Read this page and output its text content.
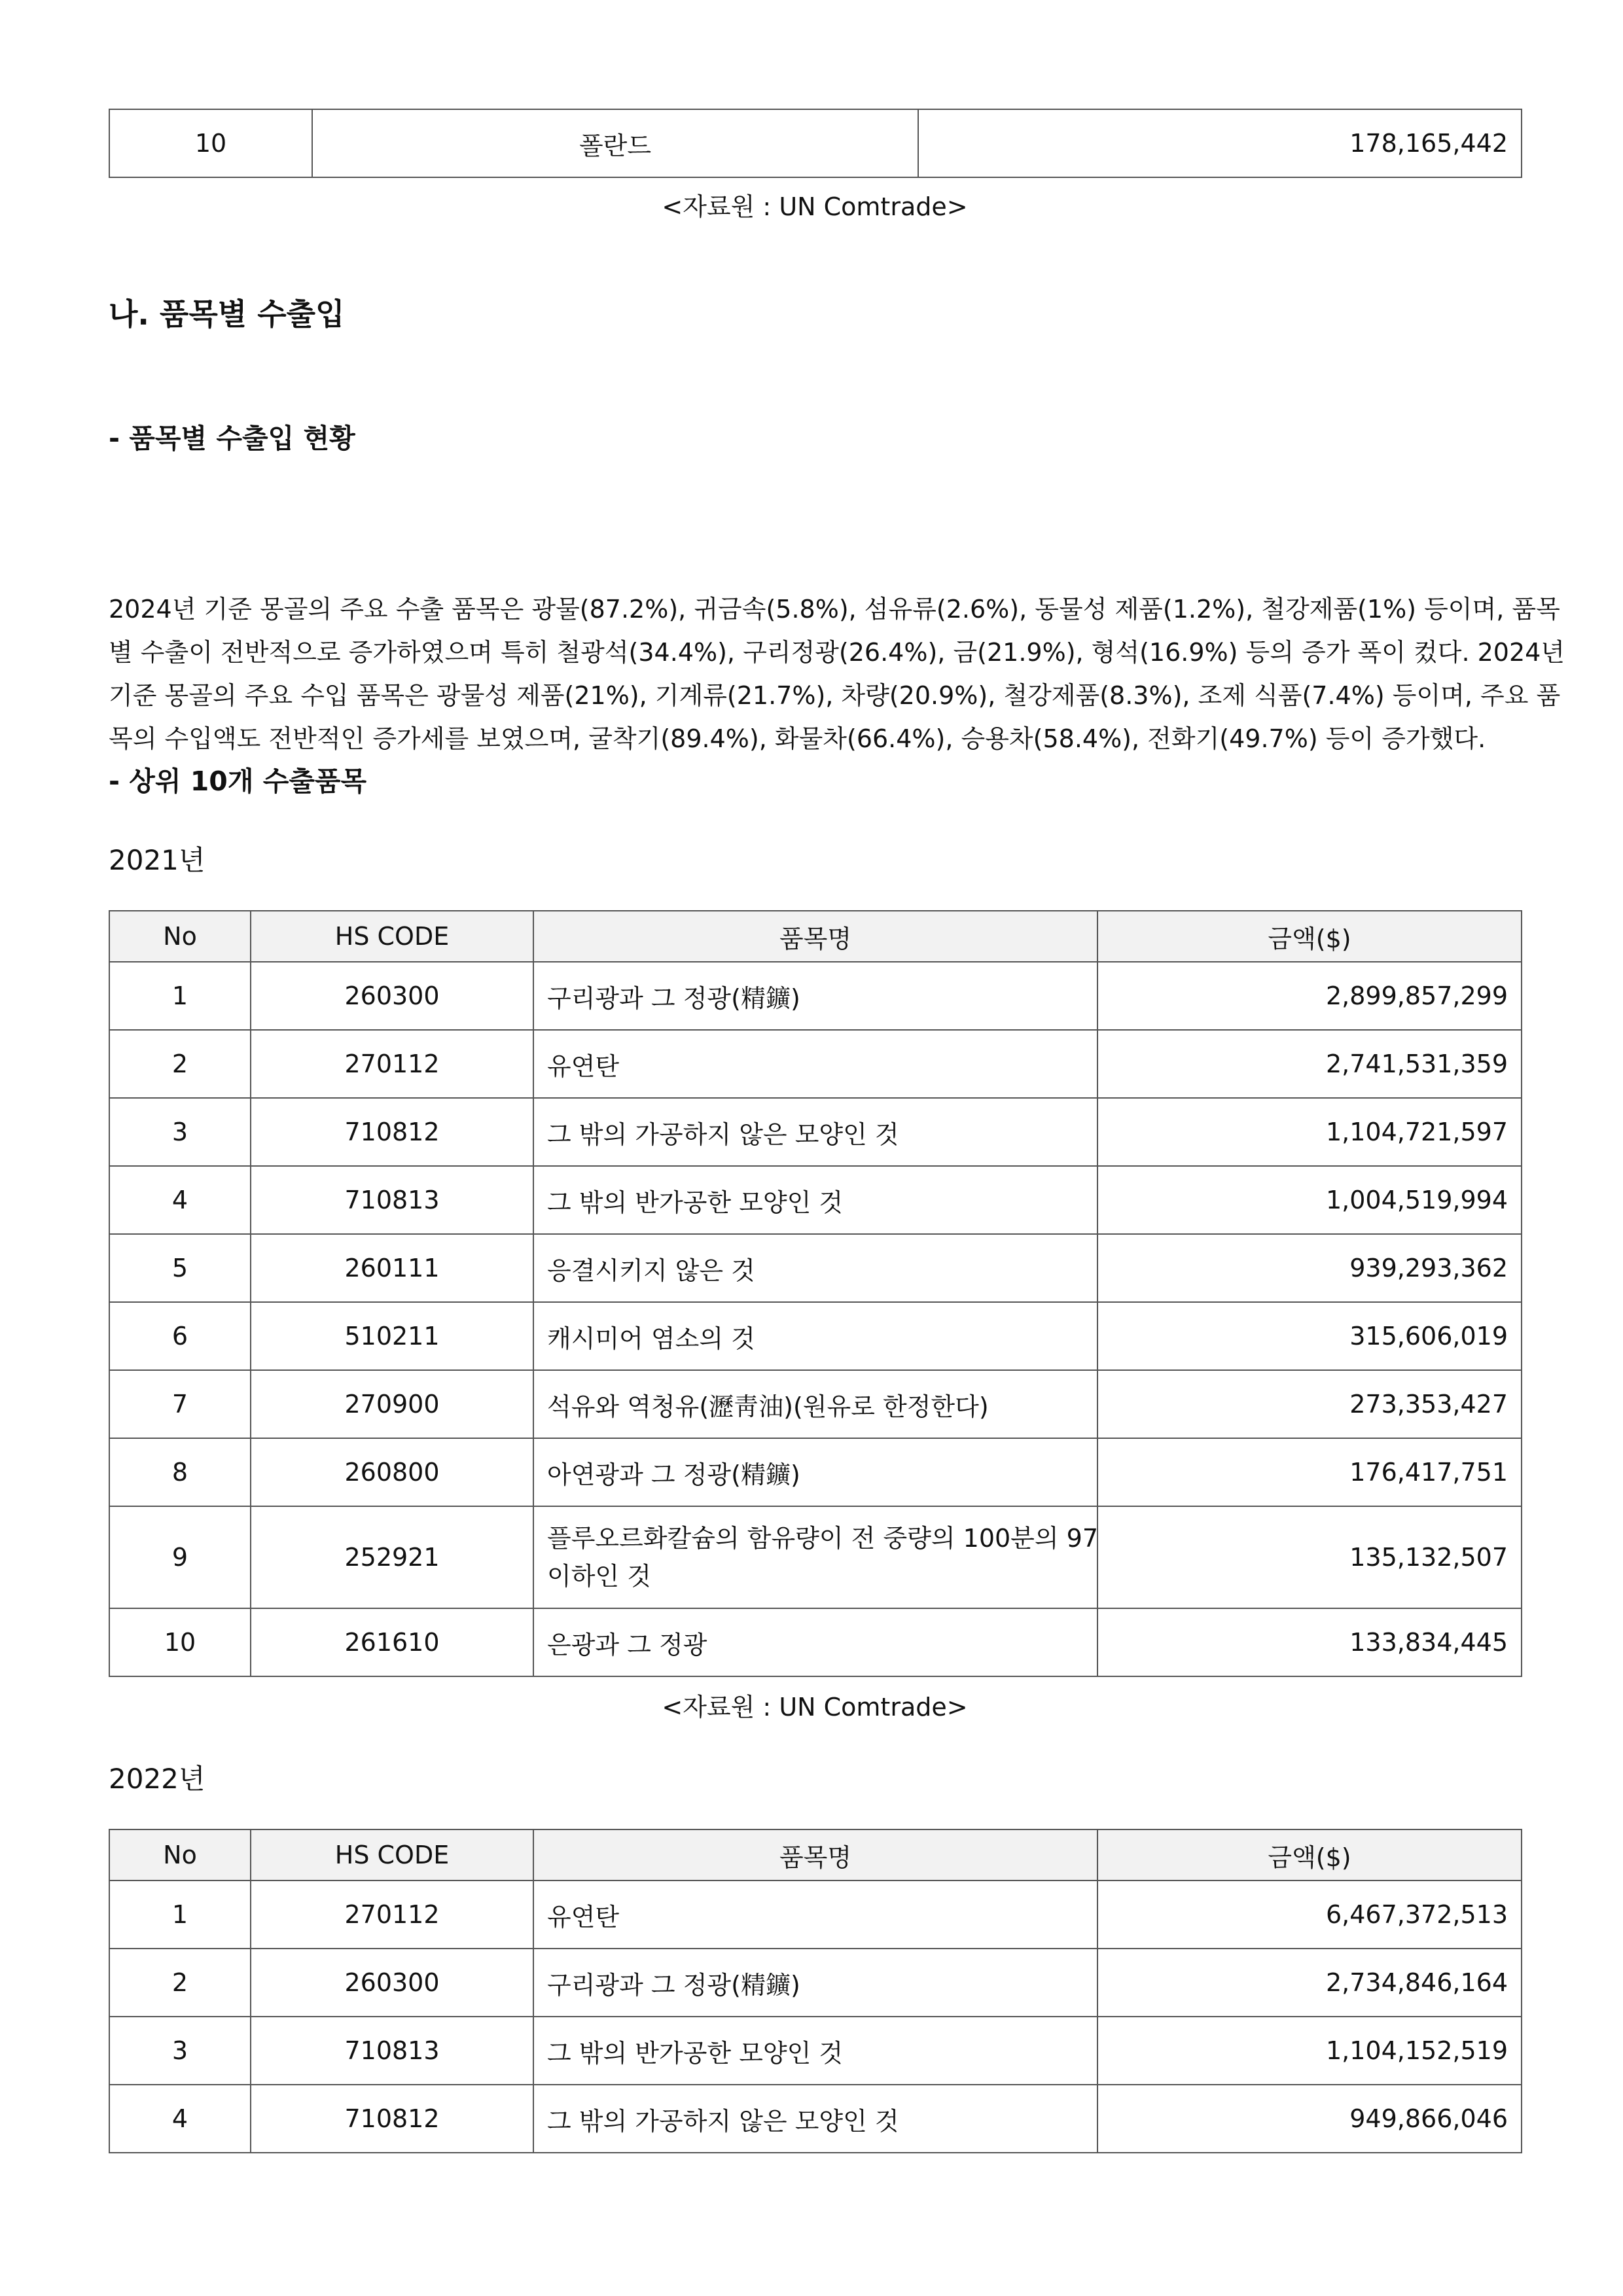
10	폴란드	178,165,442
<자료원 : UN Comtrade>
나. 품목별 수출입
- 품목별 수출입 현황
2024년 기준 몽골의 주요 수출 품목은 광물(87.2%), 귀금속(5.8%), 섬유류(2.6%), 동물성 제품(1.2%), 철강제품(1%) 등이며, 품목
별 수출이 전반적으로 증가하였으며 특히 철광석(34.4%), 구리정광(26.4%), 금(21.9%), 형석(16.9%) 등의 증가 폭이 컸다. 2024년
기준 몽골의 주요 수입 품목은 광물성 제품(21%), 기계류(21.7%), 차량(20.9%), 철강제품(8.3%), 조제 식품(7.4%) 등이며, 주요 품
목의 수입액도 전반적인 증가세를 보였으며, 굴착기(89.4%), 화물차(66.4%), 승용차(58.4%), 전화기(49.7%) 등이 증가했다.
- 상위 10개 수출품목
2021년
No	HS CODE	품목명	금액($)
1	260300	구리광과 그 정광(精鑛)	2,899,857,299
2	270112	유연탄	2,741,531,359
3	710812	그 밖의 가공하지 않은 모양인 것	1,104,721,597
4	710813	그 밖의 반가공한 모양인 것	1,004,519,994
5	260111	응결시키지 않은 것	939,293,362
6	510211	캐시미어 염소의 것	315,606,019
7	270900	석유와 역청유(瀝靑油)(원유로 한정한다)	273,353,427
8	260800	아연광과 그 정광(精鑛)	176,417,751
9	252921	플루오르화칼슘의 함유량이 전 중량의 100분의 97
이하인 것	135,132,507
10	261610	은광과 그 정광	133,834,445
<자료원 : UN Comtrade>
2022년
No	HS CODE	품목명	금액($)
1	270112	유연탄	6,467,372,513
2	260300	구리광과 그 정광(精鑛)	2,734,846,164
3	710813	그 밖의 반가공한 모양인 것	1,104,152,519
4	710812	그 밖의 가공하지 않은 모양인 것	949,866,046
